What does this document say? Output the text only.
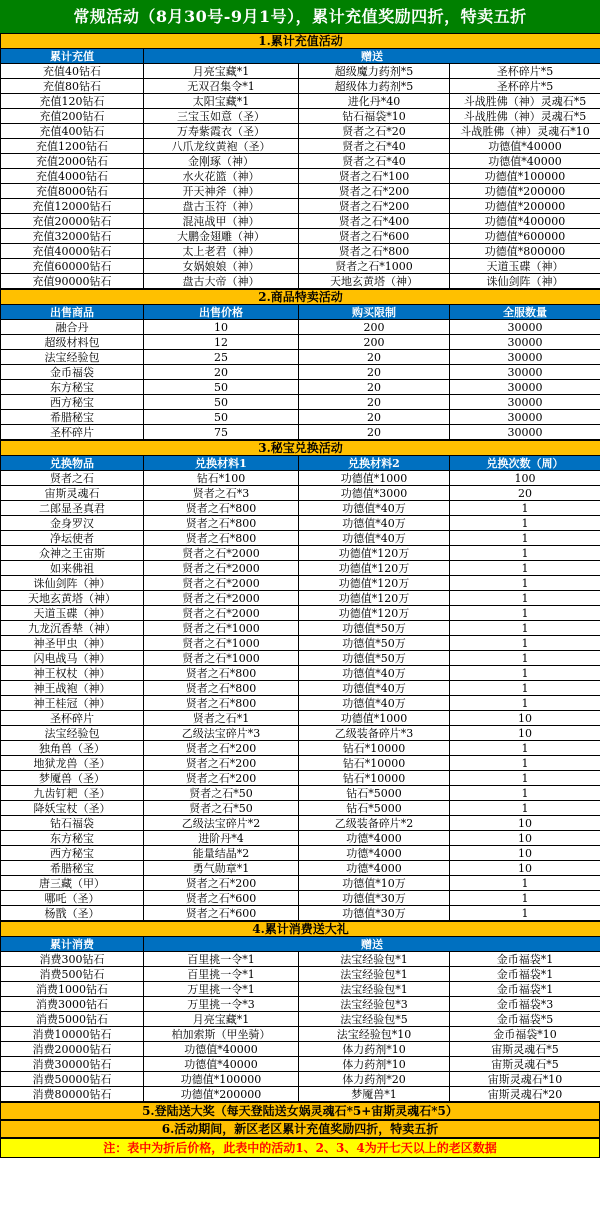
常规活动（8月30号-9月1号），累计充值奖励四折，特卖五折
1.累计充值活动			
累计充值	赠送		
充值40钻石	月亮宝藏*1	超级魔力药剂*5	圣杯碎片*5
充值80钻石	无双召集令*1	超级体力药剂*5	圣杯碎片*5
充值120钻石	太阳宝藏*1	进化丹*40	斗战胜佛（神）灵魂石*5
充值200钻石	三宝玉如意（圣）	钻石福袋*10	斗战胜佛（神）灵魂石*5
充值400钻石	万寿紫霞衣（圣）	贤者之石*20	斗战胜佛（神）灵魂石*10
充值1200钻石	八爪龙纹黄袍（圣）	贤者之石*40	功德值*40000
充值2000钻石	金刚琢（神）	贤者之石*40	功德值*40000
充值4000钻石	水火花篮（神）	贤者之石*100	功德值*100000
充值8000钻石	开天神斧（神）	贤者之石*200	功德值*200000
充值12000钻石	盘古玉符（神）	贤者之石*200	功德值*200000
充值20000钻石	混沌战甲（神）	贤者之石*400	功德值*400000
充值32000钻石	大鹏金翅雕（神）	贤者之石*600	功德值*600000
充值40000钻石	太上老君（神）	贤者之石*800	功德值*800000
充值60000钻石	女娲娘娘（神）	贤者之石*1000	天道玉碟（神）
充值90000钻石	盘古大帝（神）	天地玄黄塔（神）	诛仙剑阵（神）
2.商品特卖活动			
出售商品	出售价格	购买限制	全服数量
融合丹	10	200	30000
超级材料包	12	200	30000
法宝经验包	25	20	30000
金币福袋	20	20	30000
东方秘宝	50	20	30000
西方秘宝	50	20	30000
希腊秘宝	50	20	30000
圣杯碎片	75	20	30000
3.秘宝兑换活动			
兑换物品	兑换材料1	兑换材料2	兑换次数（周）
贤者之石	钻石*100	功德值*1000	100
宙斯灵魂石	贤者之石*3	功德值*3000	20
二郎显圣真君	贤者之石*800	功德值*40万	1
金身罗汉	贤者之石*800	功德值*40万	1
净坛使者	贤者之石*800	功德值*40万	1
众神之王宙斯	贤者之石*2000	功德值*120万	1
如来佛祖	贤者之石*2000	功德值*120万	1
诛仙剑阵（神）	贤者之石*2000	功德值*120万	1
天地玄黄塔（神）	贤者之石*2000	功德值*120万	1
天道玉碟（神）	贤者之石*2000	功德值*120万	1
九龙沉香辇（神）	贤者之石*1000	功德值*50万	1
神圣甲虫（神）	贤者之石*1000	功德值*50万	1
闪电战马（神）	贤者之石*1000	功德值*50万	1
神王权杖（神）	贤者之石*800	功德值*40万	1
神王战袍（神）	贤者之石*800	功德值*40万	1
神王桂冠（神）	贤者之石*800	功德值*40万	1
圣杯碎片	贤者之石*1	功德值*1000	10
法宝经验包	乙级法宝碎片*3	乙级装备碎片*3	10
独角兽（圣）	贤者之石*200	钻石*10000	1
地狱龙兽（圣）	贤者之石*200	钻石*10000	1
梦魇兽（圣）	贤者之石*200	钻石*10000	1
九齿钉耙（圣）	贤者之石*50	钻石*5000	1
降妖宝杖（圣）	贤者之石*50	钻石*5000	1
钻石福袋	乙级法宝碎片*2	乙级装备碎片*2	10
东方秘宝	进阶丹*4	功德*4000	10
西方秘宝	能量结晶*2	功德*4000	10
希腊秘宝	勇气勋章*1	功德*4000	10
唐三藏（甲）	贤者之石*200	功德值*10万	1
哪吒（圣）	贤者之石*600	功德值*30万	1
杨戬（圣）	贤者之石*600	功德值*30万	1
4.累计消费送大礼			
累计消费	赠送		
消费300钻石	百里挑一令*1	法宝经验包*1	金币福袋*1
消费500钻石	百里挑一令*1	法宝经验包*1	金币福袋*1
消费1000钻石	万里挑一令*1	法宝经验包*1	金币福袋*1
消费3000钻石	万里挑一令*3	法宝经验包*3	金币福袋*3
消费5000钻石	月亮宝藏*1	法宝经验包*5	金币福袋*5
消费10000钻石	柏加索斯（甲坐骑）	法宝经验包*10	金币福袋*10
消费20000钻石	功德值*40000	体力药剂*10	宙斯灵魂石*5
消费30000钻石	功德值*40000	体力药剂*10	宙斯灵魂石*5
消费50000钻石	功德值*100000	体力药剂*20	宙斯灵魂石*10
消费80000钻石	功德值*200000	梦魇兽*1	宙斯灵魂石*20
5.登陆送大奖（每天登陆送女娲灵魂石*5+宙斯灵魂石*5）
6.活动期间，新区老区累计充值奖励四折，特卖五折
注：表中为折后价格，此表中的活动1、2、3、4为开七天以上的老区数据
